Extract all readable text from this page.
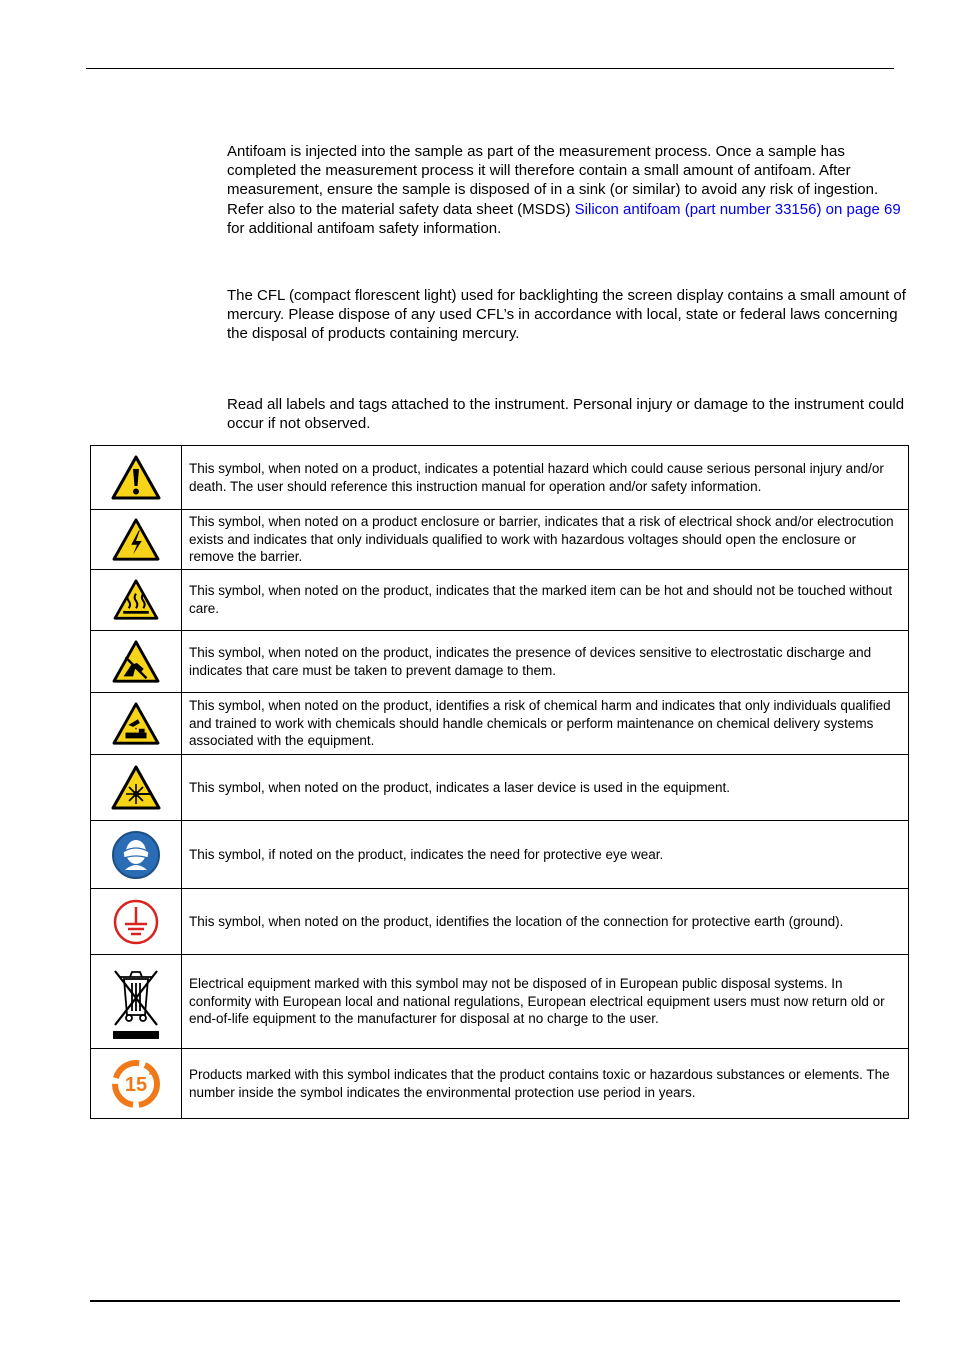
Antifoam is injected into the sample as part of the measurement process. Once a sample has completed the measurement process it will therefore contain a small amount of antifoam. After measurement, ensure the sample is disposed of in a sink (or similar) to avoid any risk of ingestion. Refer also to the material safety data sheet (MSDS) Silicon antifoam (part number 33156) on page 69 for additional antifoam safety information.

The CFL (compact florescent light) used for backlighting the screen display contains a small amount of mercury. Please dispose of any used CFL’s in accordance with local, state or federal laws concerning the disposal of products containing mercury.

Read all labels and tags attached to the instrument. Personal injury or damage to the instrument could occur if not observed.

	This symbol, when noted on a product, indicates a potential hazard which could cause serious personal injury and/or death. The user should reference this instruction manual for operation and/or safety information.

	This symbol, when noted on a product enclosure or barrier, indicates that a risk of electrical shock and/or electrocution exists and indicates that only individuals qualified to work with hazardous voltages should open the enclosure or remove the barrier.

	This symbol, when noted on the product, indicates that the marked item can be hot and should not be touched without care.

	This symbol, when noted on the product, indicates the presence of devices sensitive to electrostatic discharge and indicates that care must be taken to prevent damage to them.

	This symbol, when noted on the product, identifies a risk of chemical harm and indicates that only individuals qualified and trained to work with chemicals should handle chemicals or perform maintenance on chemical delivery systems associated with the equipment.

	This symbol, when noted on the product, indicates a laser device is used in the equipment.

	This symbol, if noted on the product, indicates the need for protective eye wear.

	This symbol, when noted on the product, identifies the location of the connection for protective earth (ground).

	Electrical equipment marked with this symbol may not be disposed of in European public disposal systems. In conformity with European local and national regulations, European electrical equipment users must now return old or end-of-life equipment to the manufacturer for disposal at no charge to the user.

15	Products marked with this symbol indicates that the product contains toxic or hazardous substances or elements. The number inside the symbol indicates the environmental protection use period in years.
